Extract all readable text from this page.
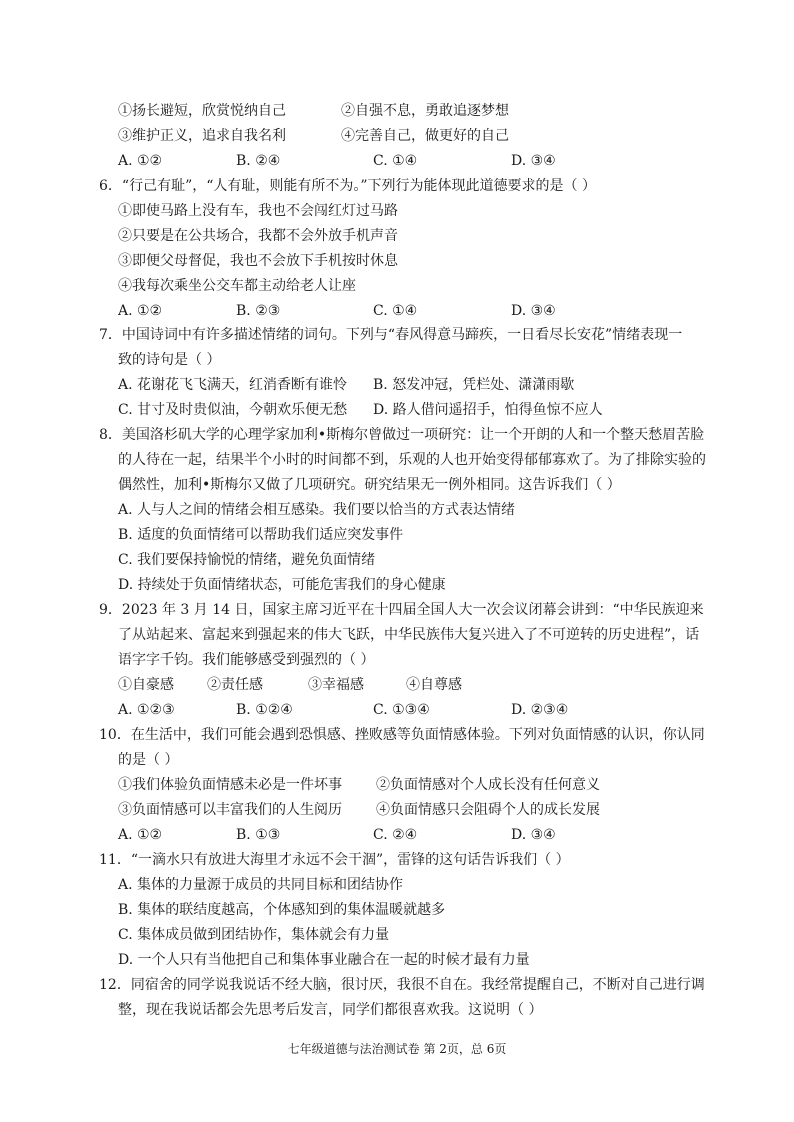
①扬长避短，欣赏悦纳自己	②自强不息，勇敢追逐梦想
③维护正义，追求自我名利	④完善自己，做更好的自己
A. ①②	B. ②④	C. ①④	D. ③④
6．“行己有耻”，“人有耻，则能有所不为。”下列行为能体现此道德要求的是（ ）
①即使马路上没有车，我也不会闯红灯过马路
②只要是在公共场合，我都不会外放手机声音
③即便父母督促，我也不会放下手机按时休息
④我每次乘坐公交车都主动给老人让座
A. ①②	B. ②③	C. ①④	D. ③④
7．中国诗词中有许多描述情绪的词句。下列与“春风得意马蹄疾，一日看尽长安花”情绪表现一
致的诗句是（ ）
A. 花谢花飞飞满天，红消香断有谁怜 B. 怒发冲冠，凭栏处、潇潇雨歇
C. 甘寸及时贵似油，今朝欢乐便无愁 D. 路人借问遥招手，怕得鱼惊不应人
8．美国洛杉矶大学的心理学家加利•斯梅尔曾做过一项研究：让一个开朗的人和一个整天愁眉苦脸
的人待在一起，结果半个小时的时间都不到，乐观的人也开始变得郁郁寡欢了。为了排除实验的
偶然性，加利•斯梅尔又做了几项研究。研究结果无一例外相同。这告诉我们（ ）
A. 人与人之间的情绪会相互感染。我们要以恰当的方式表达情绪
B. 适度的负面情绪可以帮助我们适应突发事件
C. 我们要保持愉悦的情绪，避免负面情绪
D. 持续处于负面情绪状态，可能危害我们的身心健康
9．2023 年 3 月 14 日，国家主席习近平在十四届全国人大一次会议闭幕会讲到：“中华民族迎来
了从站起来、富起来到强起来的伟大飞跃，中华民族伟大复兴进入了不可逆转的历史进程”，话
语字字千钧。我们能够感受到强烈的（ ）
①自豪感 ②责任感	③幸福感	④自尊感
A. ①②③	B. ①②④	C. ①③④	D. ②③④
10．在生活中，我们可能会遇到恐惧感、挫败感等负面情感体验。下列对负面情感的认识，你认同
的是（ ）
①我们体验负面情感未必是一件坏事 ②负面情感对个人成长没有任何意义
③负面情感可以丰富我们的人生阅历 ④负面情感只会阻碍个人的成长发展
A. ①②	B. ①③	C. ②④	D. ③④
11．“一滴水只有放进大海里才永远不会干涸”，雷锋的这句话告诉我们（ ）
A. 集体的力量源于成员的共同目标和团结协作
B. 集体的联结度越高，个体感知到的集体温暖就越多
C. 集体成员做到团结协作，集体就会有力量
D. 一个人只有当他把自己和集体事业融合在一起的时候才最有力量
12．同宿舍的同学说我说话不经大脑，很讨厌，我很不自在。我经常提醒自己，不断对自己进行调
整，现在我说话都会先思考后发言，同学们都很喜欢我。这说明（ ）
七年级道德与法治测试卷 第 2页，总 6页
